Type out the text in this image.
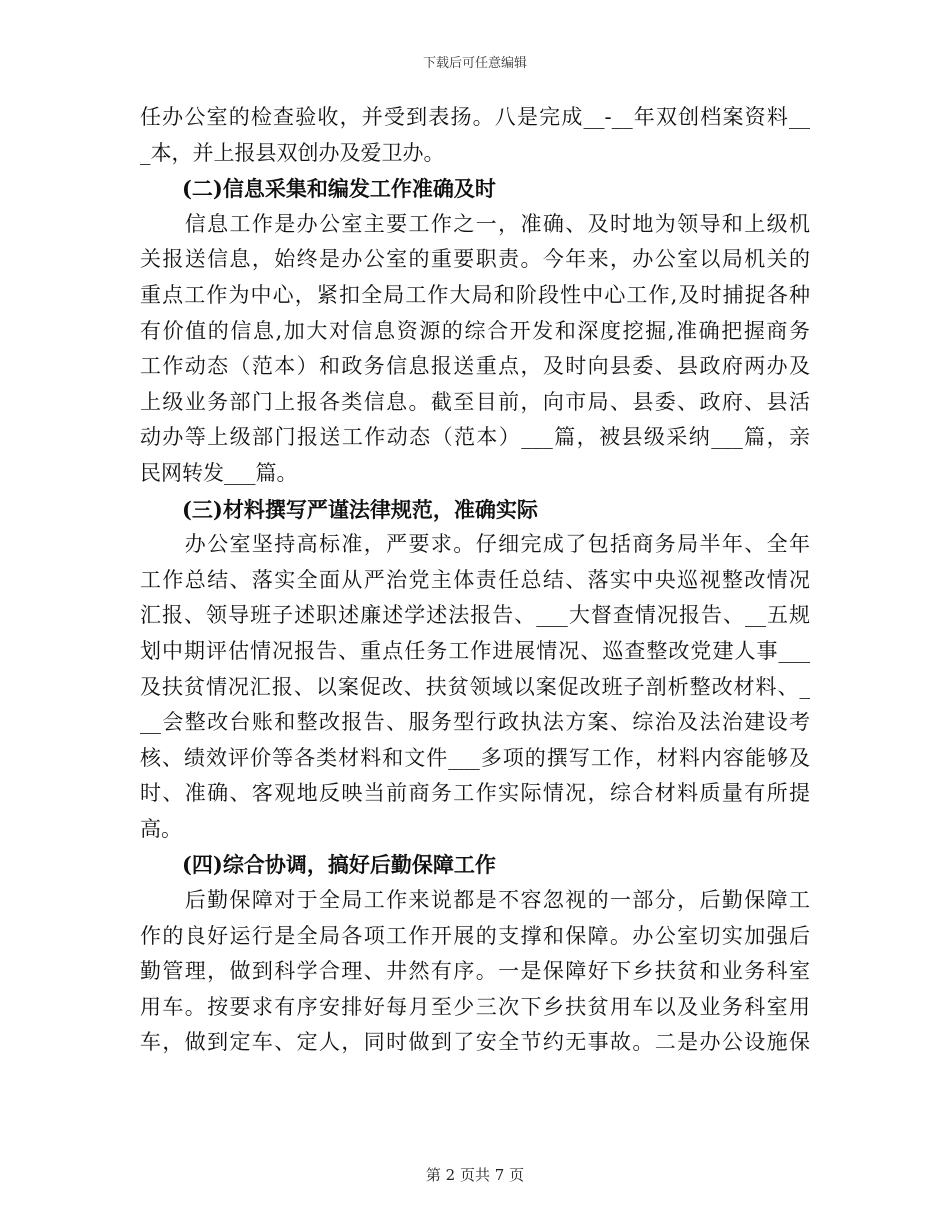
下载后可任意编辑
任办公室的检查验收，并受到表扬。八是完成__-__年双创档案资料__
_本，并上报县双创办及爱卫办。
　　(二)信息采集和编发工作准确及时
　　信息工作是办公室主要工作之一，准确、及时地为领导和上级机
关报送信息，始终是办公室的重要职责。今年来，办公室以局机关的
重点工作为中心，紧扣全局工作大局和阶段性中心工作,及时捕捉各种
有价值的信息,加大对信息资源的综合开发和深度挖掘,准确把握商务
工作动态（范本）和政务信息报送重点，及时向县委、县政府两办及
上级业务部门上报各类信息。截至目前，向市局、县委、政府、县活
动办等上级部门报送工作动态（范本）___篇，被县级采纳___篇，亲
民网转发___篇。
　　(三)材料撰写严谨法律规范，准确实际
　　办公室坚持高标准，严要求。仔细完成了包括商务局半年、全年
工作总结、落实全面从严治党主体责任总结、落实中央巡视整改情况
汇报、领导班子述职述廉述学述法报告、___大督查情况报告、__五规
划中期评估情况报告、重点任务工作进展情况、巡查整改党建人事___
及扶贫情况汇报、以案促改、扶贫领域以案促改班子剖析整改材料、_
__会整改台账和整改报告、服务型行政执法方案、综治及法治建设考
核、绩效评价等各类材料和文件___多项的撰写工作，材料内容能够及
时、准确、客观地反映当前商务工作实际情况，综合材料质量有所提
高。
　　(四)综合协调，搞好后勤保障工作
　　后勤保障对于全局工作来说都是不容忽视的一部分，后勤保障工
作的良好运行是全局各项工作开展的支撑和保障。办公室切实加强后
勤管理，做到科学合理、井然有序。一是保障好下乡扶贫和业务科室
用车。按要求有序安排好每月至少三次下乡扶贫用车以及业务科室用
车，做到定车、定人，同时做到了安全节约无事故。二是办公设施保
第 2 页共 7 页
